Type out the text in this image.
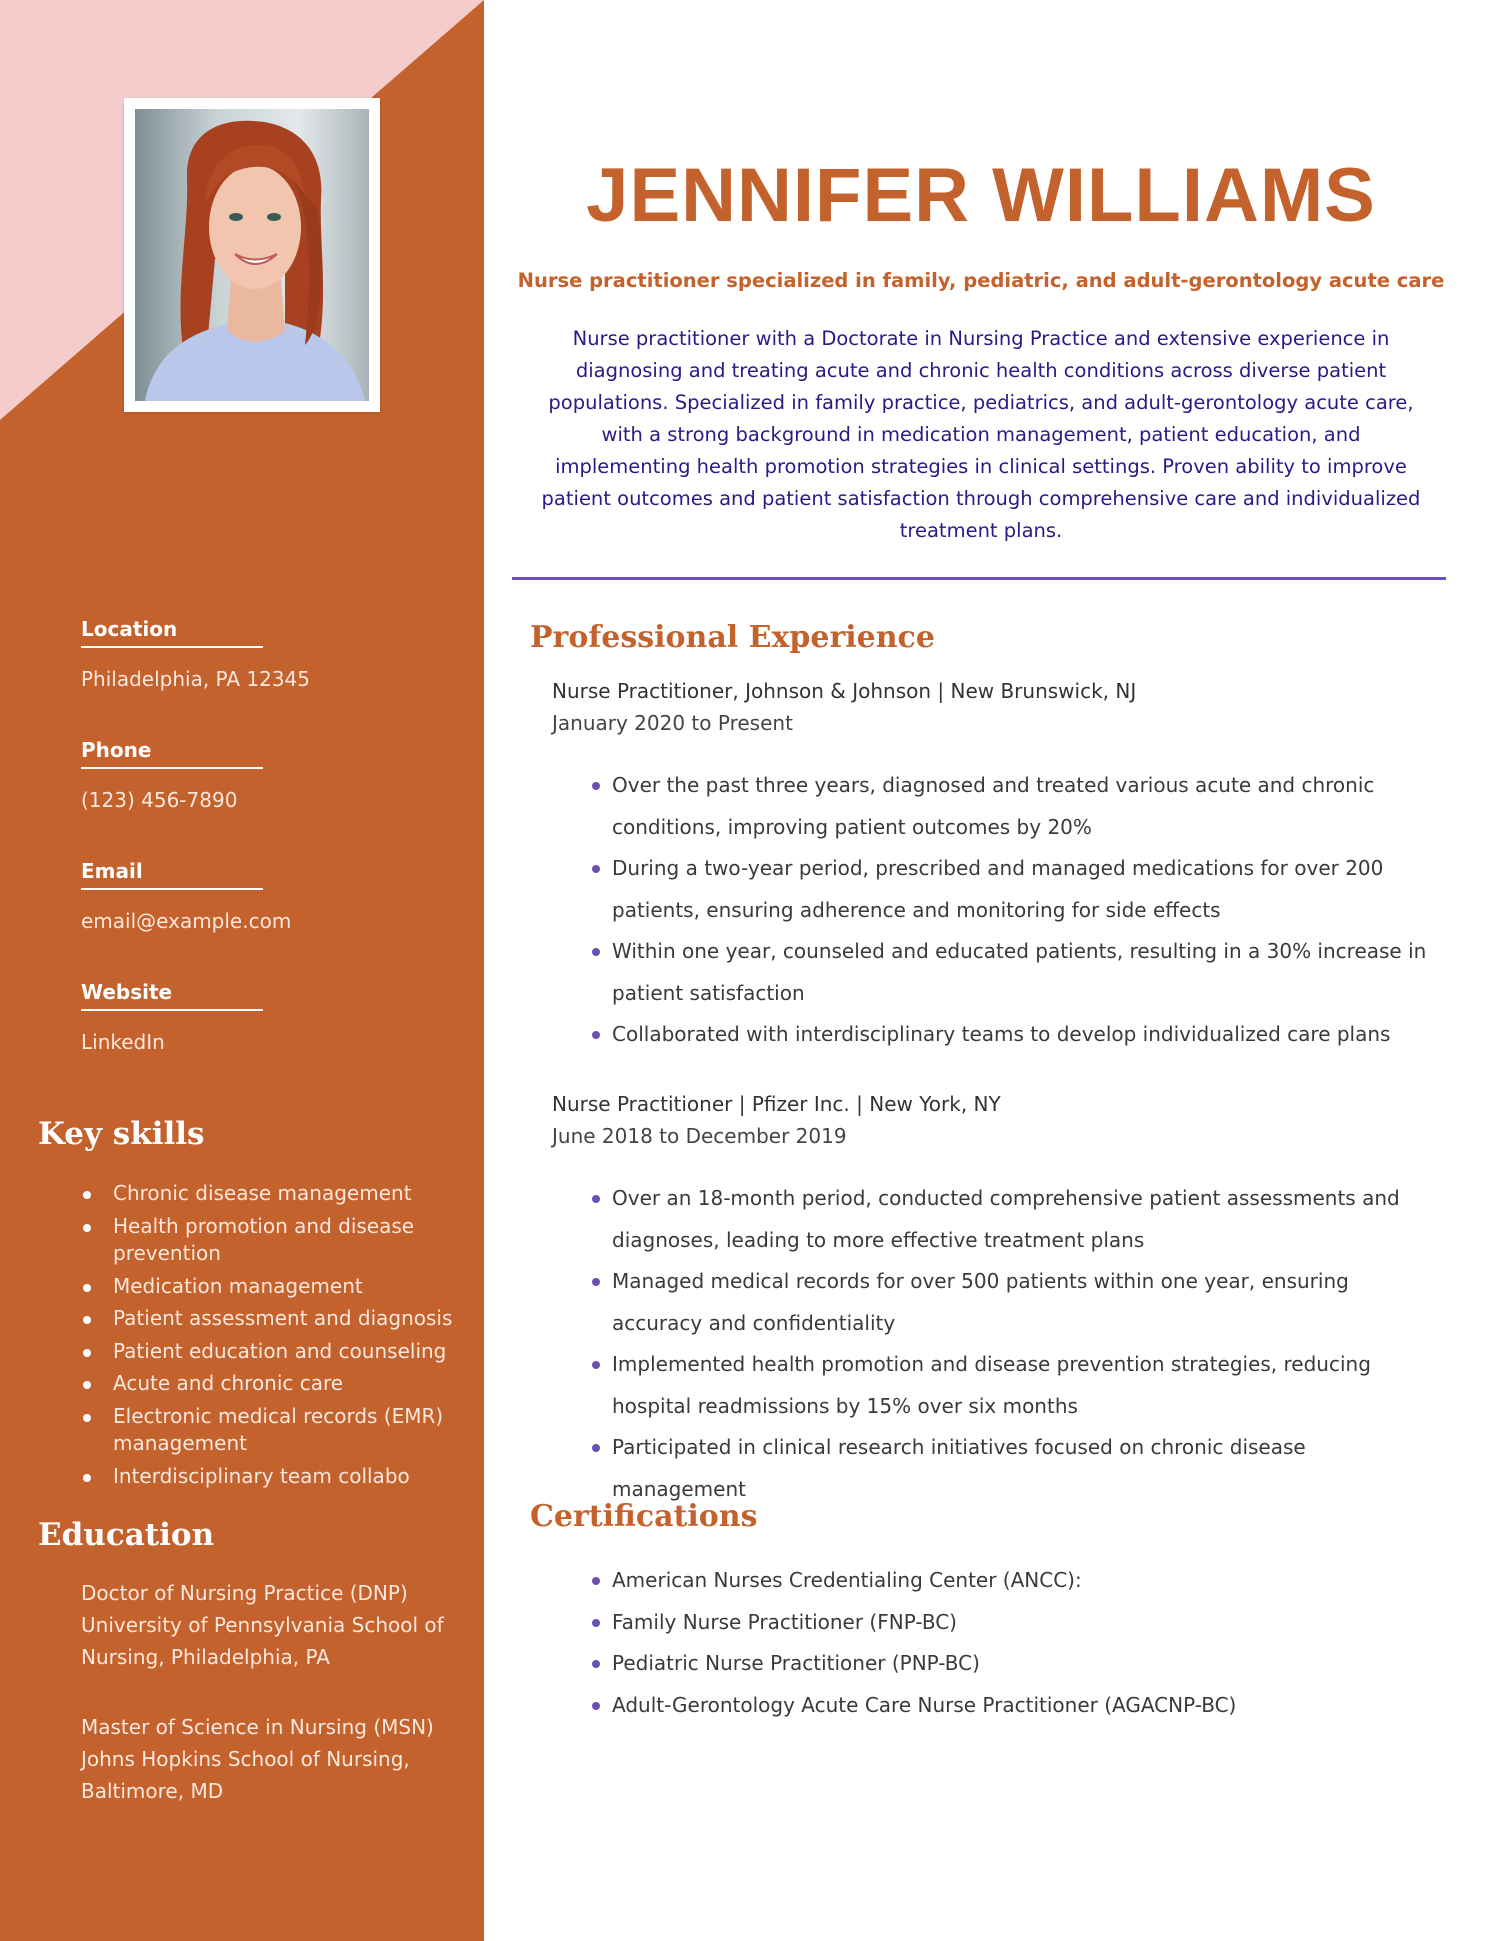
Location
Philadelphia, PA 12345
Phone
(123) 456-7890
Email
email@example.com
Website
LinkedIn
Key skills
Chronic disease management
Health promotion and disease prevention
Medication management
Patient assessment and diagnosis
Patient education and counseling
Acute and chronic care
Electronic medical records (EMR) management
Interdisciplinary team collabo
Education
Doctor of Nursing Practice (DNP)
University of Pennsylvania School of Nursing, Philadelphia, PA
Master of Science in Nursing (MSN)
Johns Hopkins School of Nursing, Baltimore, MD
JENNIFER WILLIAMS
Nurse practitioner specialized in family, pediatric, and adult-gerontology acute care

Nurse practitioner with a Doctorate in Nursing Practice and extensive experience in diagnosing and treating acute and chronic health conditions across diverse patient populations. Specialized in family practice, pediatrics, and adult-gerontology acute care, with a strong background in medication management, patient education, and implementing health promotion strategies in clinical settings. Proven ability to improve patient outcomes and patient satisfaction through comprehensive care and individualized treatment plans.

Professional Experience
Nurse Practitioner, Johnson & Johnson | New Brunswick, NJ
January 2020 to Present
Over the past three years, diagnosed and treated various acute and chronic conditions, improving patient outcomes by 20%
During a two-year period, prescribed and managed medications for over 200 patients, ensuring adherence and monitoring for side effects
Within one year, counseled and educated patients, resulting in a 30% increase in patient satisfaction
Collaborated with interdisciplinary teams to develop individualized care plans
Nurse Practitioner | Pfizer Inc. | New York, NY
June 2018 to December 2019
Over an 18-month period, conducted comprehensive patient assessments and diagnoses, leading to more effective treatment plans
Managed medical records for over 500 patients within one year, ensuring accuracy and confidentiality
Implemented health promotion and disease prevention strategies, reducing hospital readmissions by 15% over six months
Participated in clinical research initiatives focused on chronic disease management
Certifications
American Nurses Credentialing Center (ANCC):
Family Nurse Practitioner (FNP-BC)
Pediatric Nurse Practitioner (PNP-BC)
Adult-Gerontology Acute Care Nurse Practitioner (AGACNP-BC)
